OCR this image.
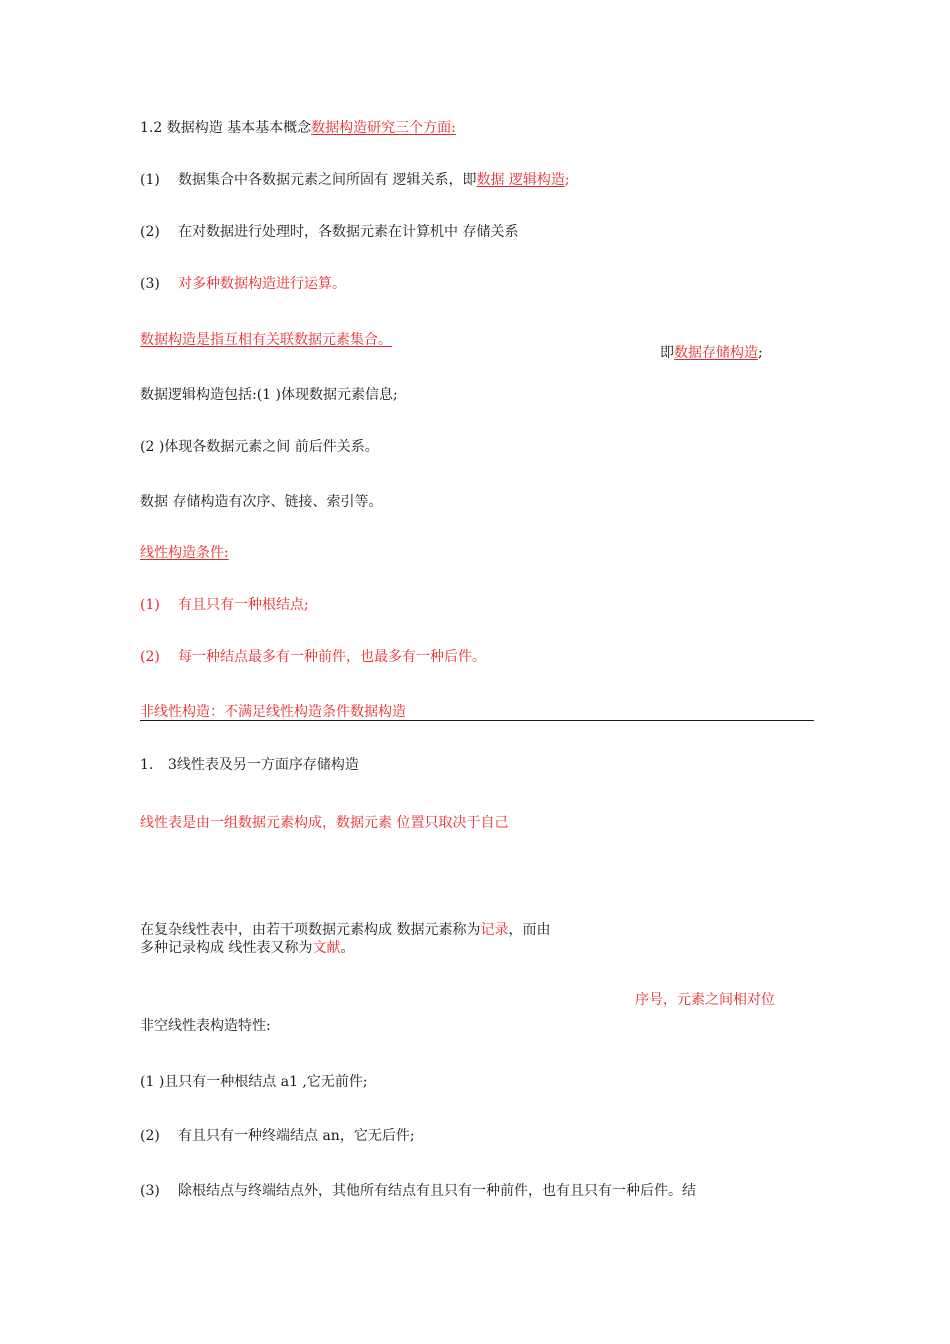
1.2 数据构造 基本基本概念数据构造研究三个方面:
(1) 数据集合中各数据元素之间所固有 逻辑关系，即数据 逻辑构造;
(2) 在对数据进行处理时，各数据元素在计算机中 存储关系
(3) 对多种数据构造进行运算。
数据构造是指互相有关联数据元素集合。
即数据存储构造;
数据逻辑构造包括:(1 )体现数据元素信息;
(2 )体现各数据元素之间 前后件关系。
数据 存储构造有次序、链接、索引等。
线性构造条件:
(1) 有且只有一种根结点;
(2) 每一种结点最多有一种前件，也最多有一种后件。
非线性构造：不满足线性构造条件数据构造
1. 3线性表及另一方面序存储构造
线性表是由一组数据元素构成，数据元素 位置只取决于自己
在复杂线性表中，由若干项数据元素构成 数据元素称为记录，而由
多种记录构成 线性表又称为文献。
序号，元素之间相对位
非空线性表构造特性:
(1 )且只有一种根结点 a1 ,它无前件;
(2) 有且只有一种终端结点 an，它无后件;
(3) 除根结点与终端结点外，其他所有结点有且只有一种前件，也有且只有一种后件。结
